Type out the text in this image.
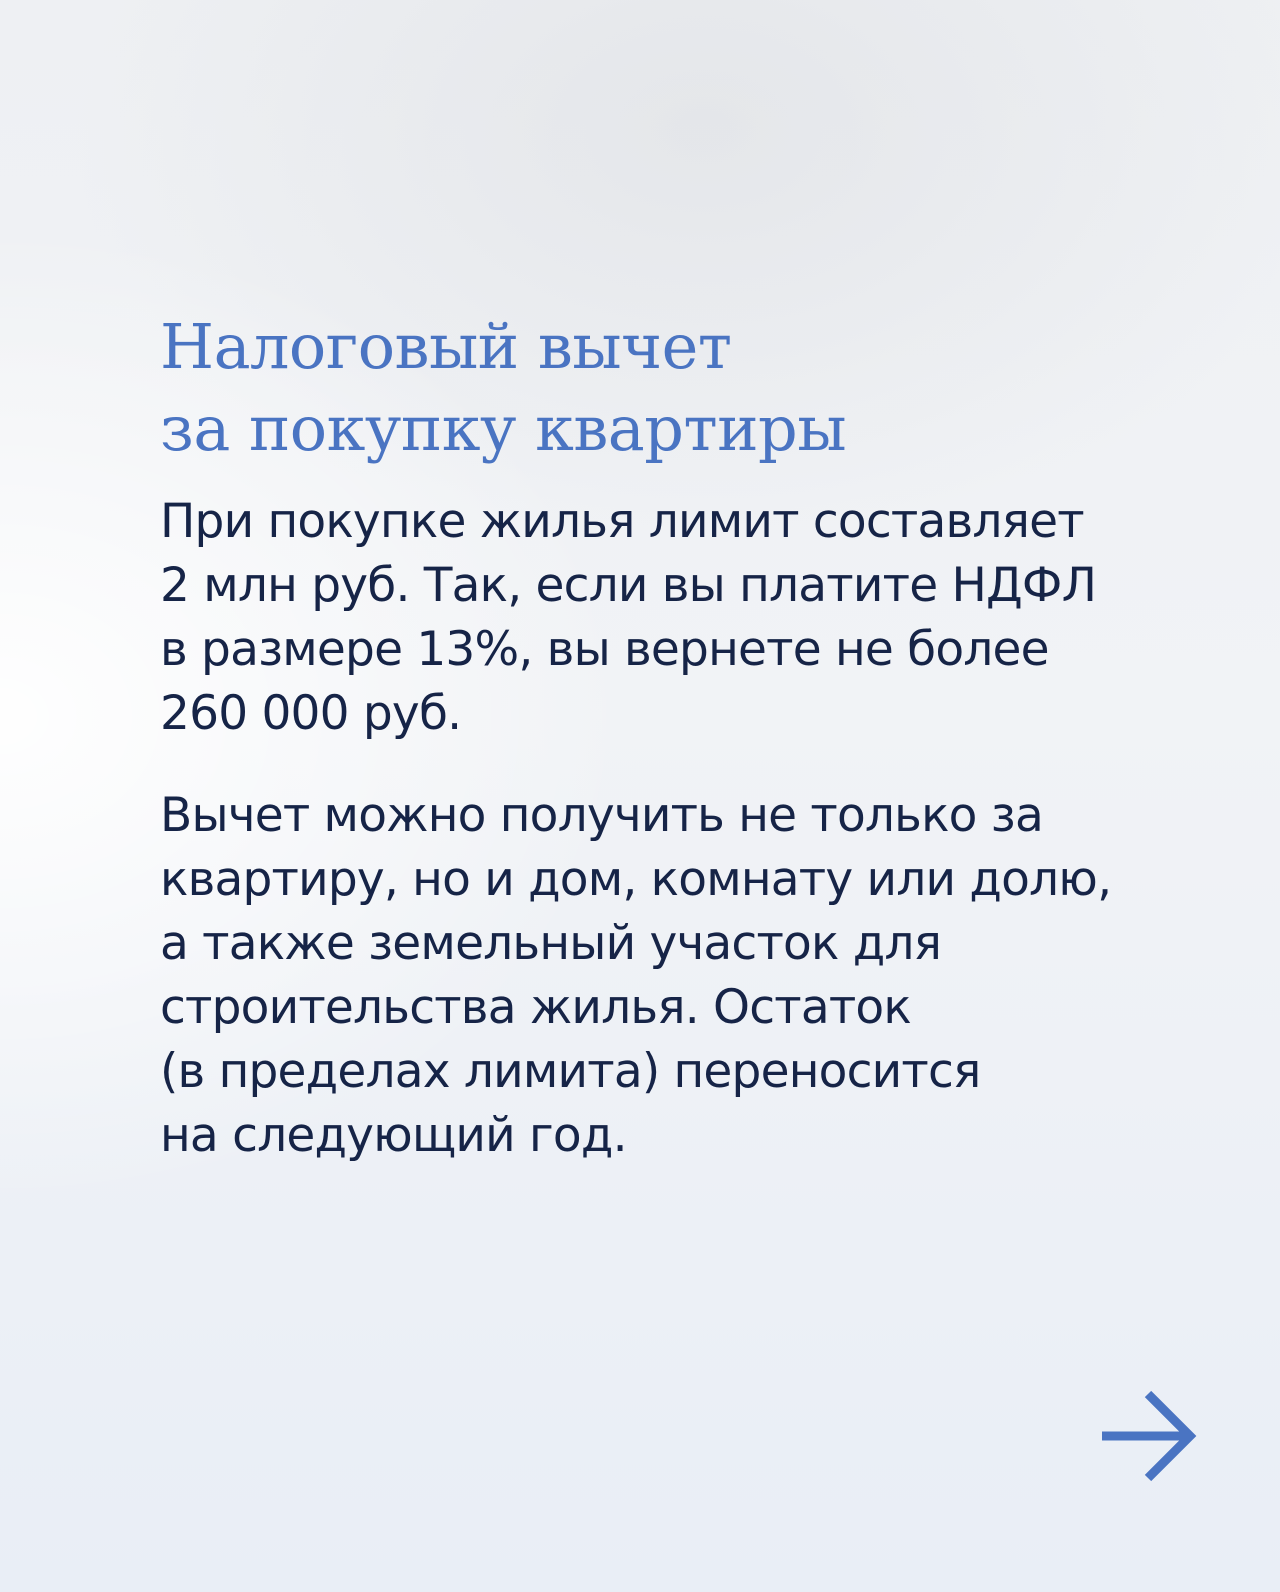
Налоговый вычет
за покупку квартиры

При покупке жилья лимит составляет
2 млн руб. Так, если вы платите НДФЛ
в размере 13%, вы вернете не более
260 000 руб.

Вычет можно получить не только за
квартиру, но и дом, комнату или долю,
а также земельный участок для
строительства жилья. Остаток
(в пределах лимита) переносится
на следующий год.
